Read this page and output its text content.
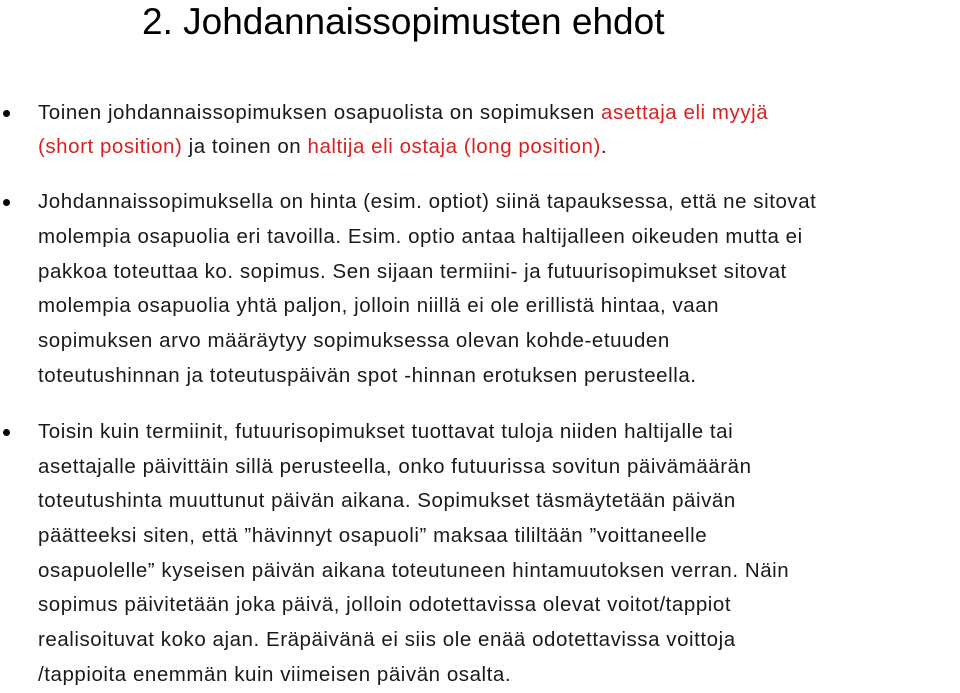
2. Johdannaissopimusten ehdot

Toinen johdannaissopimuksen osapuolista on sopimuksen asettaja eli myyjä
(short position) ja toinen on haltija eli ostaja (long position).

Johdannaissopimuksella on hinta (esim. optiot) siinä tapauksessa, että ne sitovat
molempia osapuolia eri tavoilla. Esim. optio antaa haltijalleen oikeuden mutta ei
pakkoa toteuttaa ko. sopimus. Sen sijaan termiini- ja futuurisopimukset sitovat
molempia osapuolia yhtä paljon, jolloin niillä ei ole erillistä hintaa, vaan
sopimuksen arvo määräytyy sopimuksessa olevan kohde-etuuden
toteutushinnan ja toteutuspäivän spot -hinnan erotuksen perusteella.

Toisin kuin termiinit, futuurisopimukset tuottavat tuloja niiden haltijalle tai
asettajalle päivittäin sillä perusteella, onko futuurissa sovitun päivämäärän
toteutushinta muuttunut päivän aikana. Sopimukset täsmäytetään päivän
päätteeksi siten, että ”hävinnyt osapuoli” maksaa tililtään ”voittaneelle
osapuolelle” kyseisen päivän aikana toteutuneen hintamuutoksen verran. Näin
sopimus päivitetään joka päivä, jolloin odotettavissa olevat voitot/tappiot
realisoituvat koko ajan. Eräpäivänä ei siis ole enää odotettavissa voittoja
/tappioita enemmän kuin viimeisen päivän osalta.
